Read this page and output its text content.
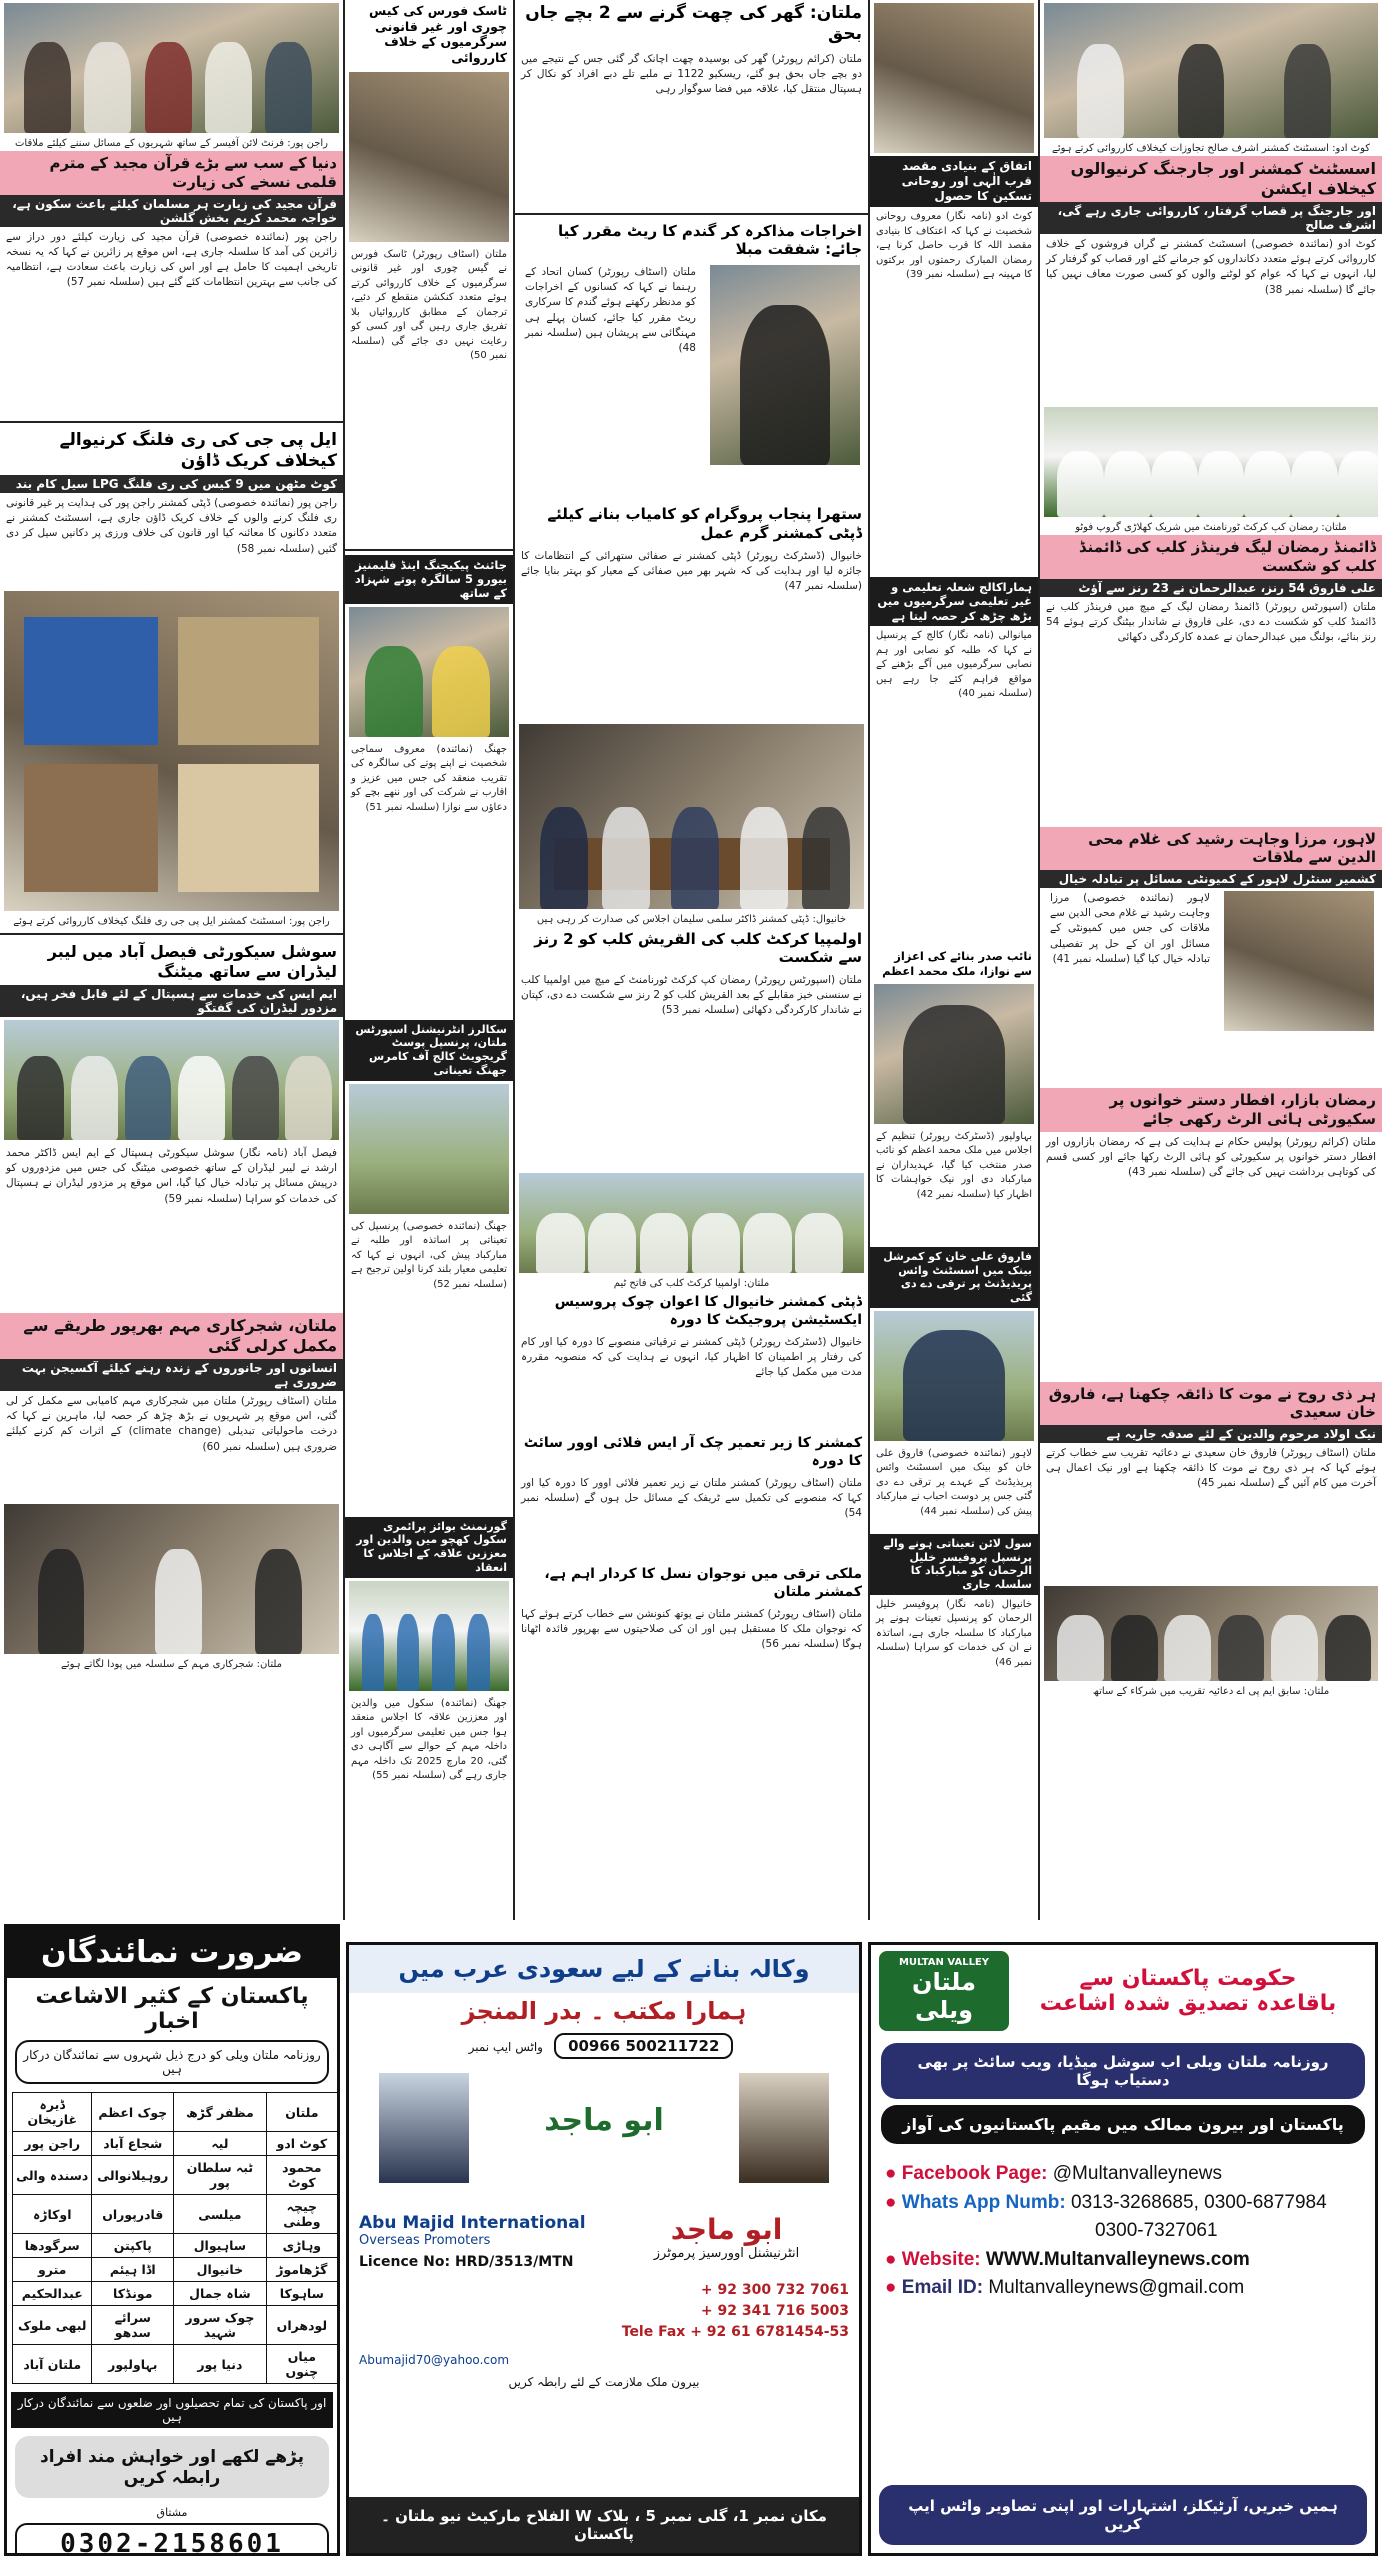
راجن پور: فرنٹ لائن آفیسر کے ساتھ شہریوں کے مسائل سننے کیلئے ملاقات
دنیا کے سب سے بڑے قرآن مجید کے مترم قلمی نسخے کی زیارت
قرآن مجید کی زیارت ہر مسلمان کیلئے باعث سکون ہے، خواجہ محمد کریم بخش گلشن
راجن پور (نمائندہ خصوصی) قرآن مجید کی زیارت کیلئے دور دراز سے زائرین کی آمد کا سلسلہ جاری ہے، اس موقع پر زائرین نے کہا کہ یہ نسخہ تاریخی اہمیت کا حامل ہے اور اس کی زیارت باعث سعادت ہے، انتظامیہ کی جانب سے بہترین انتظامات کئے گئے ہیں (سلسلہ نمبر 57)
ایل پی جی کی ری فلنگ کرنیوالے کیخلاف کریک ڈاؤن
کوٹ مٹھن میں 9 کیس کی ری فلنگ LPG سیل کام بند
راجن پور (نمائندہ خصوصی) ڈپٹی کمشنر راجن پور کی ہدایت پر غیر قانونی ری فلنگ کرنے والوں کے خلاف کریک ڈاؤن جاری ہے، اسسٹنٹ کمشنر نے متعدد دکانوں کا معائنہ کیا اور قانون کی خلاف ورزی پر دکانیں سیل کر دی گئیں (سلسلہ نمبر 58)
راجن پور: اسسٹنٹ کمشنر ایل پی جی ری فلنگ کیخلاف کارروائی کرتے ہوئے
سوشل سیکورٹی فیصل آباد میں لیبر لیڈران سے ساتھ میٹنگ
ایم ایس کی خدمات سے ہسپتال کے لئے قابل فخر ہیں، مزدور لیڈران کی گفتگو
فیصل آباد (نامہ نگار) سوشل سیکورٹی ہسپتال کے ایم ایس ڈاکٹر محمد ارشد نے لیبر لیڈران کے ساتھ خصوصی میٹنگ کی جس میں مزدوروں کو درپیش مسائل پر تبادلہ خیال کیا گیا، اس موقع پر مزدور لیڈران نے ہسپتال کی خدمات کو سراہا (سلسلہ نمبر 59)
ملتان، شجرکاری مہم بھرپور طریقے سے مکمل کرلی گئی
انسانوں اور جانوروں کے زندہ رہنے کیلئے آکسیجن بہت ضروری ہے
ملتان (اسٹاف رپورٹر) ملتان میں شجرکاری مہم کامیابی سے مکمل کر لی گئی، اس موقع پر شہریوں نے بڑھ چڑھ کر حصہ لیا، ماہرین نے کہا کہ درخت ماحولیاتی تبدیلی (climate change) کے اثرات کم کرنے کیلئے ضروری ہیں (سلسلہ نمبر 60)
ملتان: شجرکاری مہم کے سلسلہ میں پودا لگاتے ہوئے
ٹاسک فورس کی کیس چوری اور غیر قانونی سرگرمیوں کے خلاف کارروائی
ملتان (اسٹاف رپورٹر) ٹاسک فورس نے گیس چوری اور غیر قانونی سرگرمیوں کے خلاف کارروائی کرتے ہوئے متعدد کنکشن منقطع کر دئیے، ترجمان کے مطابق کارروائیاں بلا تفریق جاری رہیں گی اور کسی کو رعایت نہیں دی جائے گی (سلسلہ نمبر 50)
جائنٹ پیکیجنگ اینڈ فلیمنیز بیورو 5 سالگرہ پوتے شہزاد کے ساتھ
جھنگ (نمائندہ) معروف سماجی شخصیت نے اپنے پوتے کی سالگرہ کی تقریب منعقد کی جس میں عزیز و اقارب نے شرکت کی اور ننھے بچے کو دعاؤں سے نوازا (سلسلہ نمبر 51)
سکالرز انٹرنیشنل اسپورٹس ملتان، پرنسپل پوسٹ گریجویٹ کالج آف کامرس جھنگ تعیناتی
جھنگ (نمائندہ خصوصی) پرنسپل کی تعیناتی پر اساتذہ اور طلبہ نے مبارکباد پیش کی، انہوں نے کہا کہ تعلیمی معیار بلند کرنا اولین ترجیح ہے (سلسلہ نمبر 52)
گورنمنٹ بوائز پرائمری سکول کھچو میں والدین اور معززین علاقہ کے اجلاس کا انعقاد
جھنگ (نمائندہ) سکول میں والدین اور معززین علاقہ کا اجلاس منعقد ہوا جس میں تعلیمی سرگرمیوں اور داخلہ مہم کے حوالے سے آگاہی دی گئی، 20 مارچ 2025 تک داخلہ مہم جاری رہے گی (سلسلہ نمبر 55)
ملتان: گھر کی چھت گرنے سے 2 بچے جاں بحق
ملتان (کرائم رپورٹر) گھر کی بوسیدہ چھت اچانک گر گئی جس کے نتیجے میں دو بچے جاں بحق ہو گئے، ریسکیو 1122 نے ملبے تلے دبے افراد کو نکال کر ہسپتال منتقل کیا، علاقہ میں فضا سوگوار رہی
اخراجات مذاکرہ کر گندم کا ریٹ مقرر کیا جائے: شفقت مبلا
ملتان (اسٹاف رپورٹر) کسان اتحاد کے رہنما نے کہا کہ کسانوں کے اخراجات کو مدنظر رکھتے ہوئے گندم کا سرکاری ریٹ مقرر کیا جائے، کسان پہلے ہی مہنگائی سے پریشان ہیں (سلسلہ نمبر 48)
ستھرا پنجاب پروگرام کو کامیاب بنانے کیلئے ڈپٹی کمشنر گرم عمل
خانیوال (ڈسٹرکٹ رپورٹر) ڈپٹی کمشنر نے صفائی ستھرائی کے انتظامات کا جائزہ لیا اور ہدایت کی کہ شہر بھر میں صفائی کے معیار کو بہتر بنایا جائے (سلسلہ نمبر 47)
خانیوال: ڈپٹی کمشنر ڈاکٹر سلمی سلیمان اجلاس کی صدارت کر رہی ہیں
اولمپیا کرکٹ کلب کی القریش کلب کو 2 رنز سے شکست
ملتان (اسپورٹس رپورٹر) رمضان کپ کرکٹ ٹورنامنٹ کے میچ میں اولمپیا کلب نے سنسنی خیز مقابلے کے بعد القریش کلب کو 2 رنز سے شکست دے دی، کپتان نے شاندار کارکردگی دکھائی (سلسلہ نمبر 53)
ملتان: اولمپیا کرکٹ کلب کی فاتح ٹیم
ڈپٹی کمشنر خانیوال کا اعوان چوک پروسیس ایکسٹیشن پروجیکٹ کا دورہ
خانیوال (ڈسٹرکٹ رپورٹر) ڈپٹی کمشنر نے ترقیاتی منصوبے کا دورہ کیا اور کام کی رفتار پر اطمینان کا اظہار کیا، انہوں نے ہدایت کی کہ منصوبہ مقررہ مدت میں مکمل کیا جائے
کمشنر کا زیر تعمیر چک آر ایس فلائی اوور سائٹ کا دورہ
ملتان (اسٹاف رپورٹر) کمشنر ملتان نے زیر تعمیر فلائی اوور کا دورہ کیا اور کہا کہ منصوبے کی تکمیل سے ٹریفک کے مسائل حل ہوں گے (سلسلہ نمبر 54)
ملکی ترقی میں نوجوان نسل کا کردار اہم ہے، کمشنر ملتان
ملتان (اسٹاف رپورٹر) کمشنر ملتان نے یوتھ کنونشن سے خطاب کرتے ہوئے کہا کہ نوجوان ملک کا مستقبل ہیں اور ان کی صلاحیتوں سے بھرپور فائدہ اٹھانا ہوگا (سلسلہ نمبر 56)
اتفاق کے بنیادی مقصد قرب الٰہی اور روحانی تسکین کا حصول
کوٹ ادو (نامہ نگار) معروف روحانی شخصیت نے کہا کہ اعتکاف کا بنیادی مقصد اللہ کا قرب حاصل کرنا ہے، رمضان المبارک رحمتوں اور برکتوں کا مہینہ ہے (سلسلہ نمبر 39)
ہماراکالج شعلہ تعلیمی و غیر تعلیمی سرگرمیوں میں بڑھ چڑھ کر حصہ لیتا ہے
میانوالی (نامہ نگار) کالج کے پرنسپل نے کہا کہ طلبہ کو نصابی اور ہم نصابی سرگرمیوں میں آگے بڑھنے کے مواقع فراہم کئے جا رہے ہیں (سلسلہ نمبر 40)
نائب صدر بنائے کی اعزاز سے نوازا، ملک محمد اعظم
بہاولپور (ڈسٹرکٹ رپورٹر) تنظیم کے اجلاس میں ملک محمد اعظم کو نائب صدر منتخب کیا گیا، عہدیداران نے مبارکباد دی اور نیک خواہشات کا اظہار کیا (سلسلہ نمبر 42)
فاروق علی خان کو کمرشل بینک میں اسسٹنٹ وائس پریذیڈنٹ پر ترقی دے دی گئی
لاہور (نمائندہ خصوصی) فاروق علی خان کو بینک میں اسسٹنٹ وائس پریذیڈنٹ کے عہدے پر ترقی دے دی گئی جس پر دوست احباب نے مبارکباد پیش کی (سلسلہ نمبر 44)
سول لائن تعیناتی ہونے والے پرنسپل پروفیسر خلیل الرحمان کو مبارکباد کا سلسلہ جاری
خانیوال (نامہ نگار) پروفیسر خلیل الرحمان کو پرنسپل تعینات ہونے پر مبارکباد کا سلسلہ جاری ہے، اساتذہ نے ان کی خدمات کو سراہا (سلسلہ نمبر 46)
کوٹ ادو: اسسٹنٹ کمشنر اشرف صالح تجاوزات کیخلاف کارروائی کرتے ہوئے
اسسٹنٹ کمشنر اور جارجنگ کرنیوالوں کیخلاف ایکشن
اور جارجنگ پر قصاب گرفتار، کارروائی جاری رہے گی، اشرف صالح
کوٹ ادو (نمائندہ خصوصی) اسسٹنٹ کمشنر نے گراں فروشوں کے خلاف کارروائی کرتے ہوئے متعدد دکانداروں کو جرمانے کئے اور قصاب کو گرفتار کر لیا، انہوں نے کہا کہ عوام کو لوٹنے والوں کو کسی صورت معاف نہیں کیا جائے گا (سلسلہ نمبر 38)
ملتان: رمضان کپ کرکٹ ٹورنامنٹ میں شریک کھلاڑی گروپ فوٹو
ڈائمنڈ رمضان لیگ فرینڈز کلب کی ڈائمنڈ کلب کو شکست
علی فاروق 54 رنز، عبدالرحمان نے 23 رنز سے آؤٹ
ملتان (اسپورٹس رپورٹر) ڈائمنڈ رمضان لیگ کے میچ میں فرینڈز کلب نے ڈائمنڈ کلب کو شکست دے دی، علی فاروق نے شاندار بیٹنگ کرتے ہوئے 54 رنز بنائے، بولنگ میں عبدالرحمان نے عمدہ کارکردگی دکھائی
لاہور، مرزا وجاہت رشید کی غلام محی الدین سے ملاقات
کشمیر سنٹرل لاہور کے کمیونٹی مسائل پر تبادلہ خیال
لاہور (نمائندہ خصوصی) مرزا وجاہت رشید نے غلام محی الدین سے ملاقات کی جس میں کمیونٹی کے مسائل اور ان کے حل پر تفصیلی تبادلہ خیال کیا گیا (سلسلہ نمبر 41)
رمضان بازار، افطار دستر خوانوں پر سکیورٹی ہائی الرٹ رکھی جائے
ملتان (کرائم رپورٹر) پولیس حکام نے ہدایت کی ہے کہ رمضان بازاروں اور افطار دستر خوانوں پر سکیورٹی کو ہائی الرٹ رکھا جائے اور کسی قسم کی کوتاہی برداشت نہیں کی جائے گی (سلسلہ نمبر 43)
ہر ذی روح نے موت کا ذائقہ چکھنا ہے، فاروق خان سعیدی
نیک اولاد مرحوم والدین کے لئے صدقہ جاریہ ہے
ملتان (اسٹاف رپورٹر) فاروق خان سعیدی نے دعائیہ تقریب سے خطاب کرتے ہوئے کہا کہ ہر ذی روح نے موت کا ذائقہ چکھنا ہے اور نیک اعمال ہی آخرت میں کام آئیں گے (سلسلہ نمبر 45)
ملتان: سابق ایم پی اے دعائیہ تقریب میں شرکاء کے ساتھ
ضرورت نمائندگان
پاکستان کے کثیر الاشاعت اخبار
روزنامہ ملتان ویلی کو درج ذیل شہروں سے نمائندگان درکار ہیں
ملتان	مظفر گڑھ	چوک اعظم	ڈیرہ غازیخان
کوٹ ادو	لیہ	شجاع آباد	راجن پور
محمود کوٹ	ٹبہ سلطان پور	روہیلانوالی	دسندہ والی
چیچہ وطنی	میلسی	قادرپوراں	اوکاڑہ
وہاڑی	ساہیوال	پاکپتن	سرگودھا
گڑھاموڑ	خانیوال	اڈا ہیئم	مترو
ساہوکا	شاہ جمال	مونڈکا	عبدالحکیم
لودھراں	چوک سرور شہید	سرائے سدھو	لبھی ملوک
میاں چنوں	دنیا پور	بہاولپور	ملتان آباد
اور پاکستان کی تمام تحصیلوں اور ضلعوں سے نمائندگان درکار ہیں
پڑھے لکھے اور خواہش مند افراد رابطہ کریں
مشتاق
0302-2158601
وکالہ بنانے کے لیے سعودی عرب میں
ہمارا مکتب ۔ بدر المنجز
واٹس ایپ نمبر 00966 500211722
ابو ماجد
Abu Majid International
Overseas Promoters
Licence No: HRD/3513/MTN
ابو ماجد
انٹرنیشنل اوورسیز پرموٹرز
+ 92 300 732 7061
+ 92 341 716 5003
Tele Fax + 92 61 6781454-53
Abumajid70@yahoo.com
بیرون ملک ملازمت کے لئے رابطہ کریں
مکان نمبر 1، گلی نمبر 5 ، بلاک W الفلاح مارکیٹ نیو ملتان ۔ پاکستان
MULTAN VALLEY
ملتان ویلی
حکومت پاکستان سے
باقاعدہ تصدیق شدہ اشاعت
روزنامہ ملتان ویلی اب سوشل میڈیا، ویب سائٹ پر بھی دستیاب ہوگا
پاکستان اور بیرون ممالک میں مقیم پاکستانیوں کی آواز
● Facebook Page: @Multanvalleynews
● Whats App Numb: 0313-3268685, 0300-6877984
0300-7327061
● Website: WWW.Multanvalleynews.com
● Email ID: Multanvalleynews@gmail.com
ہمیں خبریں، آرٹیکلز، اشتہارات اور اپنی تصاویر واٹس ایپ کریں
